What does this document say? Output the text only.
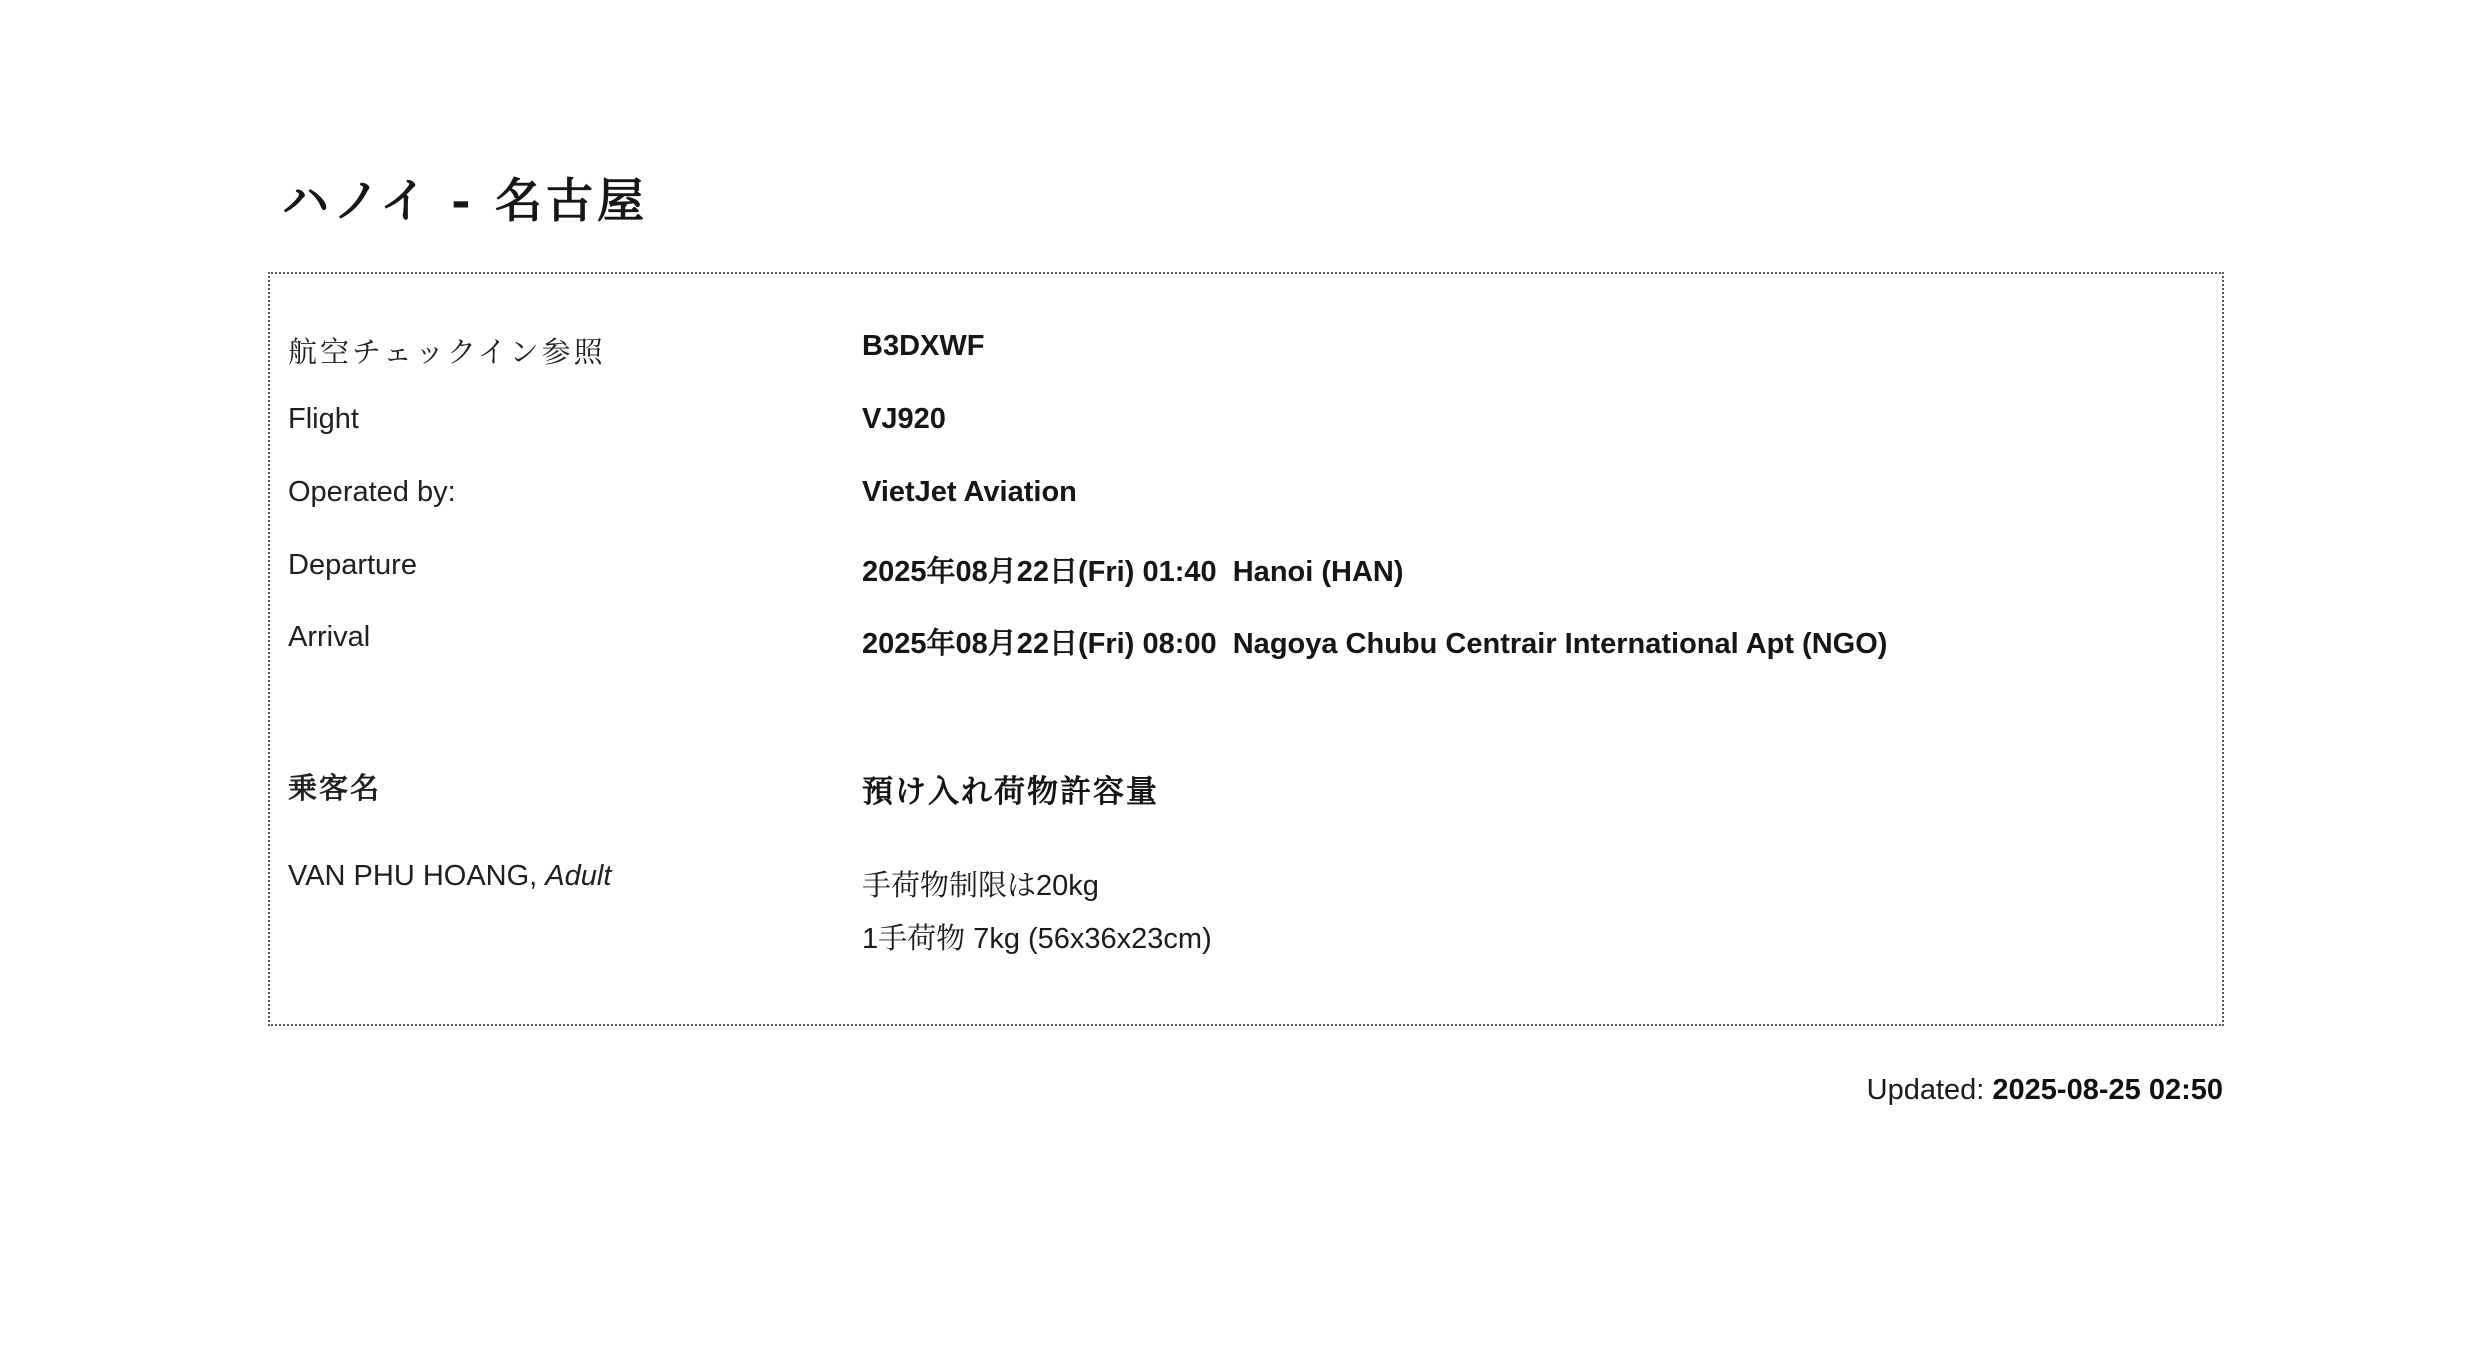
ハノイ - 名古屋
航空チェックイン参照	B3DXWF
Flight	VJ920
Operated by:	VietJet Aviation
Departure	2025年08月22日(Fri) 01:40  Hanoi (HAN)
Arrival	2025年08月22日(Fri) 08:00  Nagoya Chubu Centrair International Apt (NGO)
乗客名	預け入れ荷物許容量
VAN PHU HOANG, Adult	手荷物制限は20kg
1手荷物 7kg (56x36x23cm)
Updated: 2025-08-25 02:50
